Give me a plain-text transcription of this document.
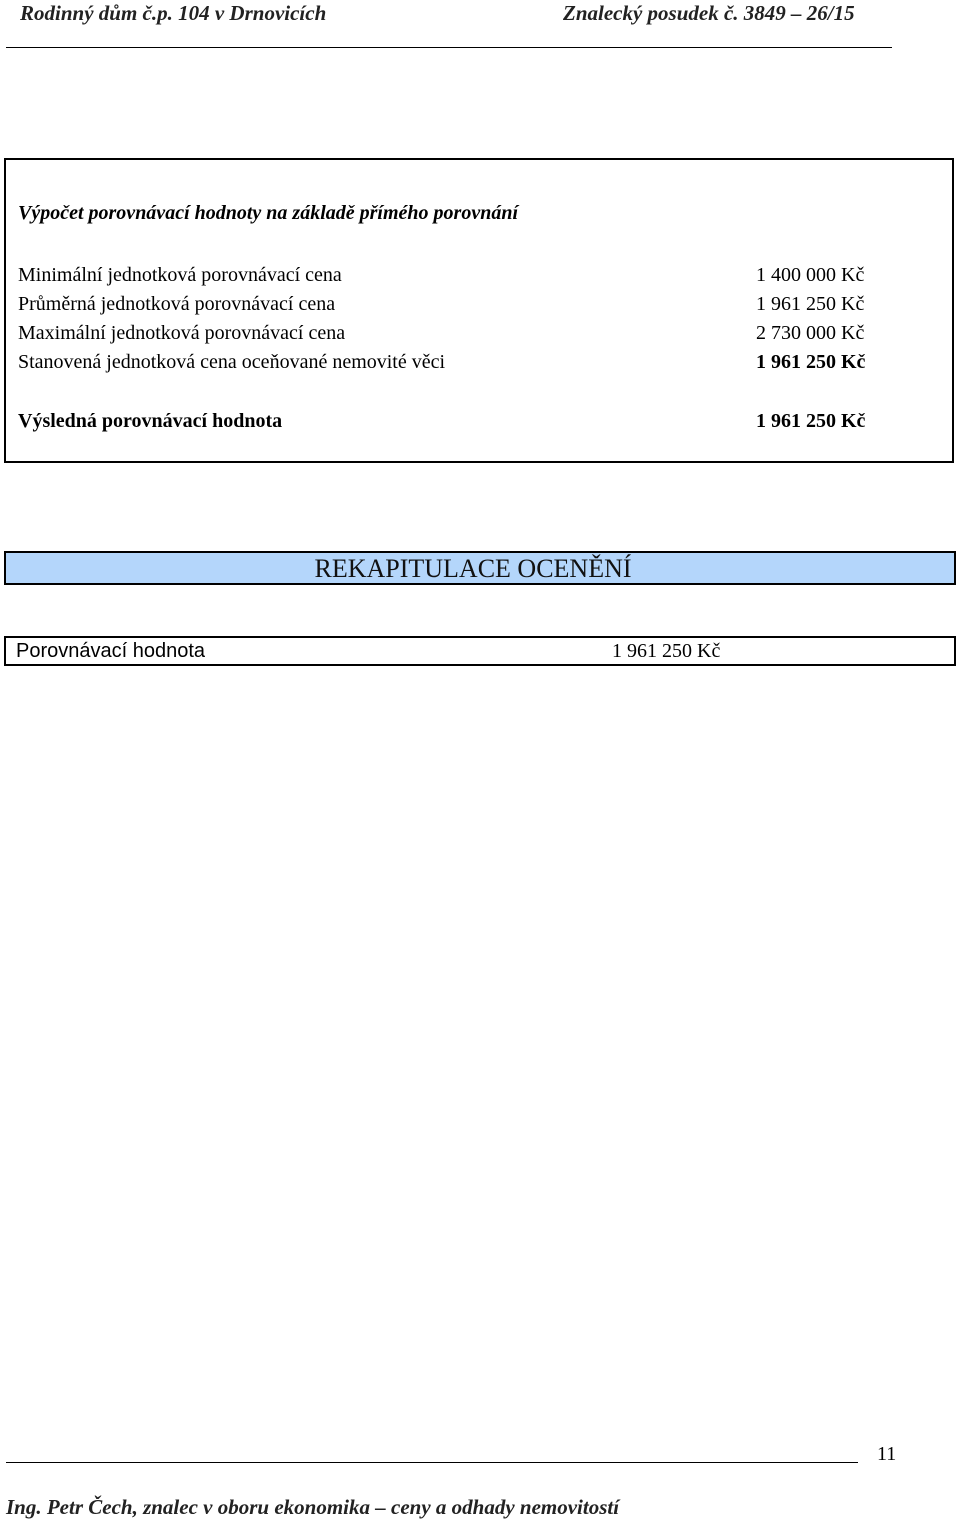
Rodinný dům č.p. 104 v Drnovicích	Znalecký posudek č. 3849 – 26/15
Výpočet porovnávací hodnoty na základě přímého porovnání
Minimální jednotková porovnávací cena	1 400 000 Kč
Průměrná jednotková porovnávací cena	1 961 250 Kč
Maximální jednotková porovnávací cena	2 730 000 Kč
Stanovená jednotková cena oceňované nemovité věci	1 961 250 Kč
Výsledná porovnávací hodnota	1 961 250 Kč
REKAPITULACE OCENĚNÍ
Porovnávací hodnota	1 961 250 Kč
11
Ing. Petr Čech, znalec v oboru ekonomika – ceny a odhady nemovitostí
